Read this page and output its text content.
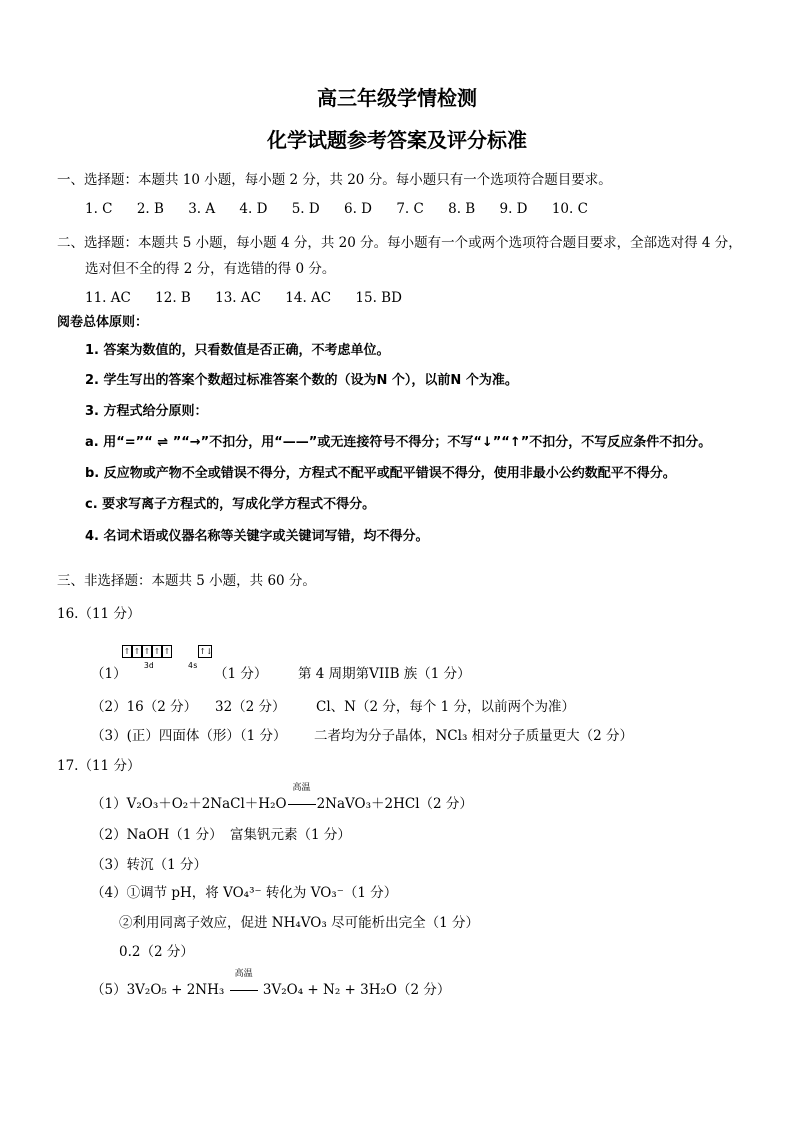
高三年级学情检测
化学试题参考答案及评分标准
一、选择题：本题共 10 小题，每小题 2 分，共 20 分。每小题只有一个选项符合题目要求。
1. C 2. B 3. A 4. D 5. D 6. D 7. C 8. B 9. D 10. C
二、选择题：本题共 5 小题，每小题 4 分，共 20 分。每小题有一个或两个选项符合题目要求，全部选对得 4 分，
选对但不全的得 2 分，有选错的得 0 分。
11. AC 12. B 13. AC 14. AC 15. BD
阅卷总体原则：
1. 答案为数值的，只看数值是否正确，不考虑单位。
2. 学生写出的答案个数超过标准答案个数的（设为N 个），以前N 个为准。
3. 方程式给分原则：
a. 用“=”“ ⇌ ”“→”不扣分，用“——”或无连接符号不得分；不写“↓”“↑”不扣分，不写反应条件不扣分。
b. 反应物或产物不全或错误不得分，方程式不配平或配平错误不得分，使用非最小公约数配平不得分。
c. 要求写离子方程式的，写成化学方程式不得分。
4. 名词术语或仪器名称等关键字或关键词写错，均不得分。
三、非选择题：本题共 5 小题，共 60 分。
16.（11 分）
（1）
↑ ↑ ↑ ↑ ↑	↑↓
3d	4s
（1 分） 第 4 周期第VIIB 族（1 分）
（2）16（2 分） 32（2 分） Cl、N（2 分，每个 1 分，以前两个为准）
（3）(正）四面体（形）（1 分） 二者均为分子晶体，NCl₃ 相对分子质量更大（2 分）
17.（11 分）
（1）V₂O₃＋O₂＋2NaCl＋H₂O
高温
2NaVO₃＋2HCl（2 分）
（2）NaOH（1 分） 富集钒元素（1 分）
（3）转沉（1 分）
（4）①调节 pH，将 VO₄³⁻ 转化为 VO₃⁻（1 分）
②利用同离子效应，促进 NH₄VO₃ 尽可能析出完全（1 分）
0.2（2 分）
（5）3V₂O₅ + 2NH₃
高温
3V₂O₄ + N₂ + 3H₂O（2 分）
